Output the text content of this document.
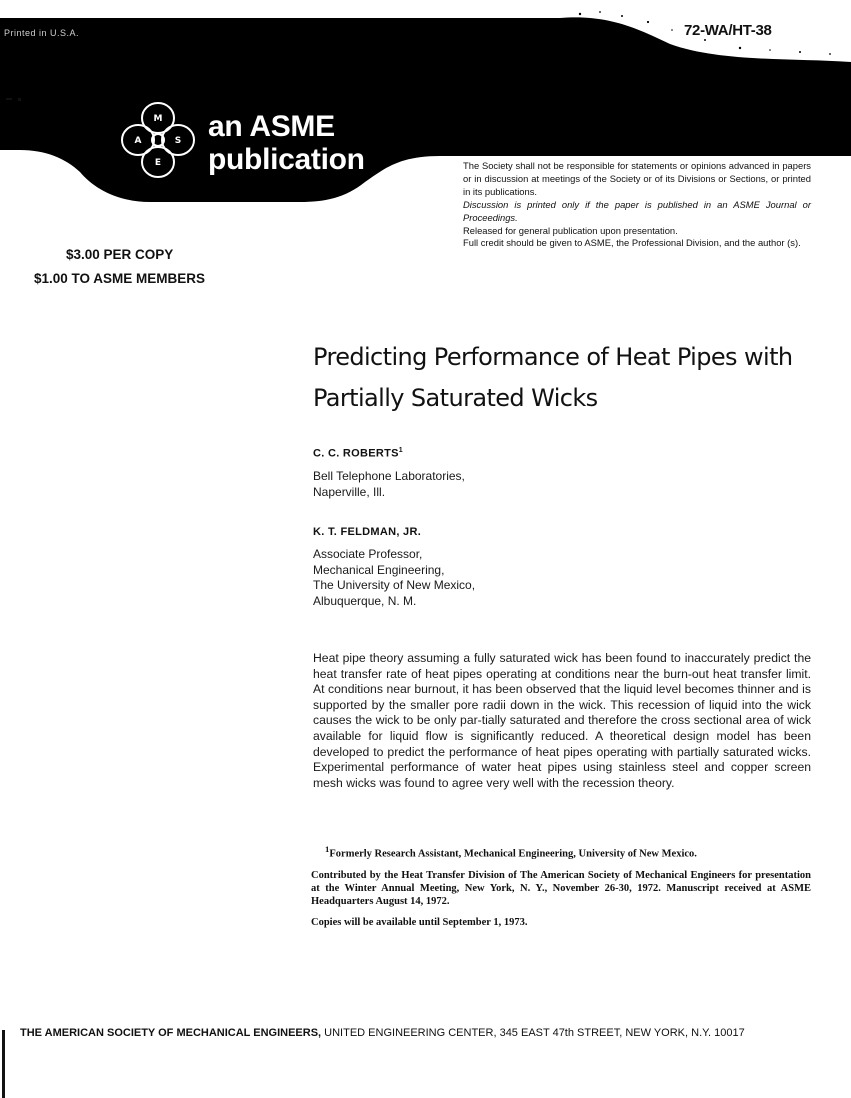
Printed in U.S.A.	72-WA/HT-38
M
A	S
E
an ASME
publication	The Society shall not be responsible for statements or opinions advanced in papers or in discussion at meetings of the Society or of its Divisions or Sections, or printed in its publications.
Discussion is printed only if the paper is published in an ASME Journal or Proceedings.
Released for general publication upon presentation.
Full credit should be given to ASME, the Professional Division, and the author (s).
$3.00 PER COPY
$1.00 TO ASME MEMBERS
Predicting Performance of Heat Pipes with
Partially Saturated Wicks
C. C. ROBERTS$^1$
Bell Telephone Laboratories,
Naperville, Ill.
K. T. FELDMAN, JR.
Associate Professor,
Mechanical Engineering,
The University of New Mexico,
Albuquerque, N. M.
Heat pipe theory assuming a fully saturated wick has been found to inaccurately predict the heat transfer rate of heat pipes operating at conditions near the burn-out heat transfer limit. At conditions near burnout, it has been observed that the liquid level becomes thinner and is supported by the smaller pore radii down in the wick. This recession of liquid into the wick causes the wick to be only par-tially saturated and therefore the cross sectional area of wick available for liquid flow is significantly reduced. A theoretical design model has been developed to predict the performance of heat pipes operating with partially saturated wicks. Experimental performance of water heat pipes using stainless steel and copper screen mesh wicks was found to agree very well with the recession theory.

$^1$Formerly Research Assistant, Mechanical Engineering, University of New Mexico.

Contributed by the Heat Transfer Division of The American Society of Mechanical Engineers for presentation at the Winter Annual Meeting, New York, N. Y., November 26-30, 1972. Manuscript received at ASME Headquarters August 14, 1972.

Copies will be available until September 1, 1973.

THE AMERICAN SOCIETY OF MECHANICAL ENGINEERS, UNITED ENGINEERING CENTER, 345 EAST 47th STREET, NEW YORK, N.Y. 10017
